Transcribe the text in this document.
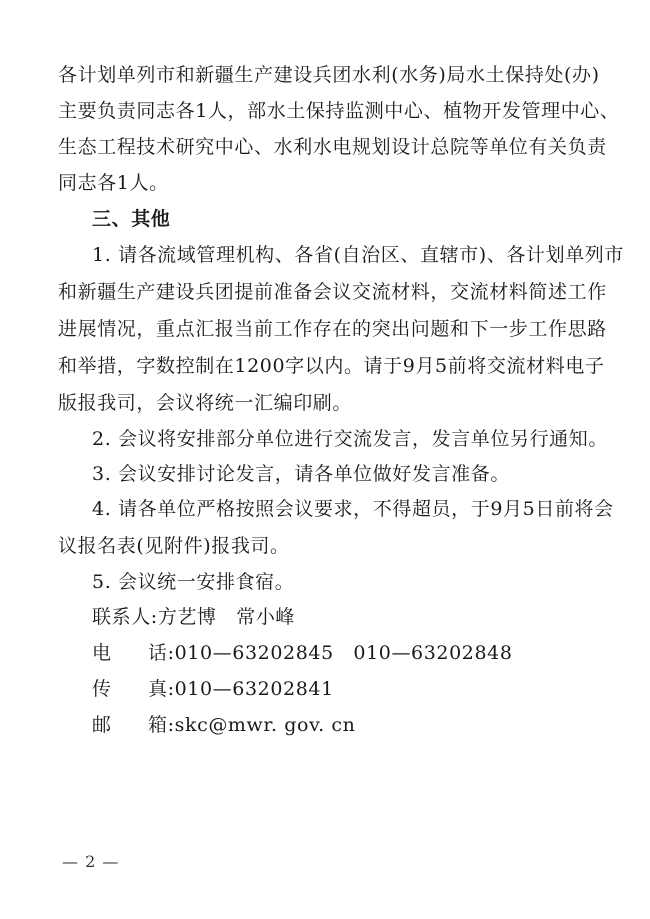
各计划单列市和新疆生产建设兵团水利(水务)局水土保持处(办)
主要负责同志各1人，部水土保持监测中心、植物开发管理中心、
生态工程技术研究中心、水利水电规划设计总院等单位有关负责
同志各1人。
三、其他
1. 请各流域管理机构、各省(自治区、直辖市)、各计划单列市
和新疆生产建设兵团提前准备会议交流材料，交流材料简述工作
进展情况，重点汇报当前工作存在的突出问题和下一步工作思路
和举措，字数控制在1200字以内。请于9月5前将交流材料电子
版报我司，会议将统一汇编印刷。
2. 会议将安排部分单位进行交流发言，发言单位另行通知。
3. 会议安排讨论发言，请各单位做好发言准备。
4. 请各单位严格按照会议要求，不得超员，于9月5日前将会
议报名表(见附件)报我司。
5. 会议统一安排食宿。
联系人:方艺博　常小峰
电 话:010—63202845　010—63202848
传 真:010—63202841
邮 箱:skc@mwr. gov. cn
— 2 —
